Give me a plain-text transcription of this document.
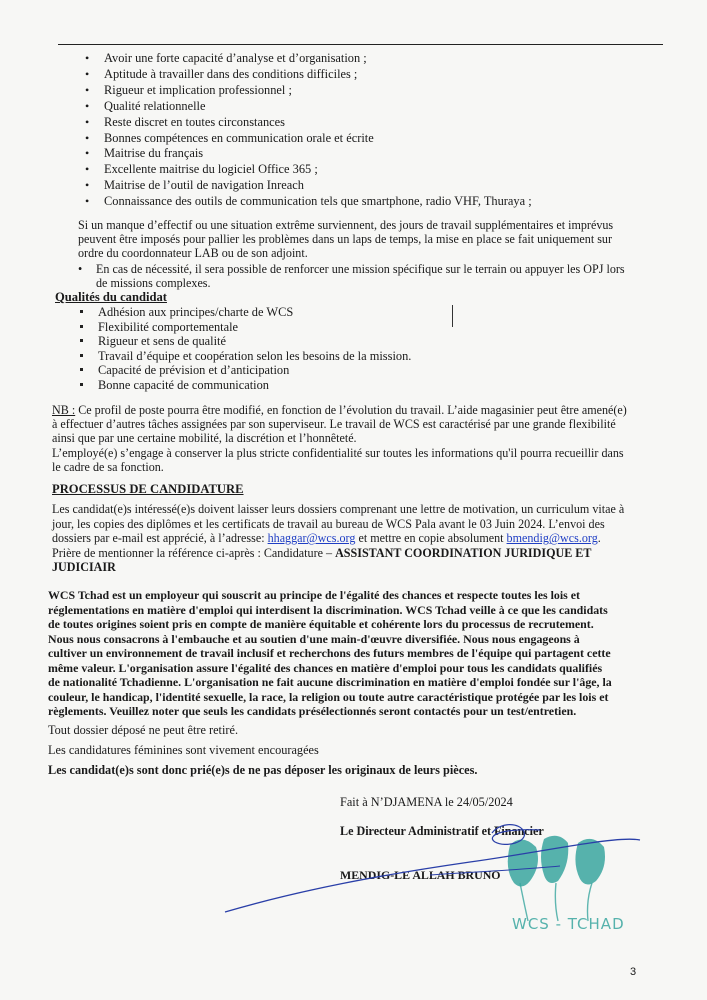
• Avoir une forte capacité d’analyse et d’organisation ;
• Aptitude à travailler dans des conditions difficiles ;
• Rigueur et implication professionnel ;
• Qualité relationnelle
• Reste discret en toutes circonstances
• Bonnes compétences en communication orale et écrite
• Maitrise du français
• Excellente maitrise du logiciel Office 365 ;
• Maitrise de l’outil de navigation Inreach
• Connaissance des outils de communication tels que smartphone, radio VHF, Thuraya ;
Si un manque d’effectif ou une situation extrême surviennent, des jours de travail supplémentaires et imprévus
peuvent être imposés pour pallier les problèmes dans un laps de temps, la mise en place se fait uniquement sur
ordre du coordonnateur LAB ou de son adjoint.
•	En cas de nécessité, il sera possible de renforcer une mission spécifique sur le terrain ou appuyer les OPJ lors
de missions complexes.
Qualités du candidat
Adhésion aux principes/charte de WCS
Flexibilité comportementale
Rigueur et sens de qualité
Travail d’équipe et coopération selon les besoins de la mission.
Capacité de prévision et d’anticipation
Bonne capacité de communication
NB : Ce profil de poste pourra être modifié, en fonction de l’évolution du travail. L’aide magasinier peut être amené(e)
à effectuer d’autres tâches assignées par son superviseur. Le travail de WCS est caractérisé par une grande flexibilité
ainsi que par une certaine mobilité, la discrétion et l’honnêteté.
L’employé(e) s’engage à conserver la plus stricte confidentialité sur toutes les informations qu'il pourra recueillir dans
le cadre de sa fonction.
PROCESSUS DE CANDIDATURE
Les candidat(e)s intéressé(e)s doivent laisser leurs dossiers comprenant une lettre de motivation, un curriculum vitae à
jour, les copies des diplômes et les certificats de travail au bureau de WCS Pala avant le 03 Juin 2024. L’envoi des
dossiers par e-mail est apprécié, à l’adresse: hhaggar@wcs.org et mettre en copie absolument bmendig@wcs.org.
Prière de mentionner la référence ci-après : Candidature – ASSISTANT COORDINATION JURIDIQUE ET
JUDICIAIR
WCS Tchad est un employeur qui souscrit au principe de l'égalité des chances et respecte toutes les lois et
réglementations en matière d'emploi qui interdisent la discrimination. WCS Tchad veille à ce que les candidats
de toutes origines soient pris en compte de manière équitable et cohérente lors du processus de recrutement.
Nous nous consacrons à l'embauche et au soutien d'une main-d'œuvre diversifiée. Nous nous engageons à
cultiver un environnement de travail inclusif et recherchons des futurs membres de l'équipe qui partagent cette
même valeur. L'organisation assure l'égalité des chances en matière d'emploi pour tous les candidats qualifiés
de nationalité Tchadienne. L'organisation ne fait aucune discrimination en matière d'emploi fondée sur l'âge, la
couleur, le handicap, l'identité sexuelle, la race, la religion ou toute autre caractéristique protégée par les lois et
règlements. Veuillez noter que seuls les candidats présélectionnés seront contactés pour un test/entretien.
Tout dossier déposé ne peut être retiré.
Les candidatures féminines sont vivement encouragées
Les candidat(e)s sont donc prié(e)s de ne pas déposer les originaux de leurs pièces.
Fait à N’DJAMENA le 24/05/2024
Le Directeur Administratif et Financier
MENDIG-LE ALLAH BRUNO
WCS - TCHAD
3
